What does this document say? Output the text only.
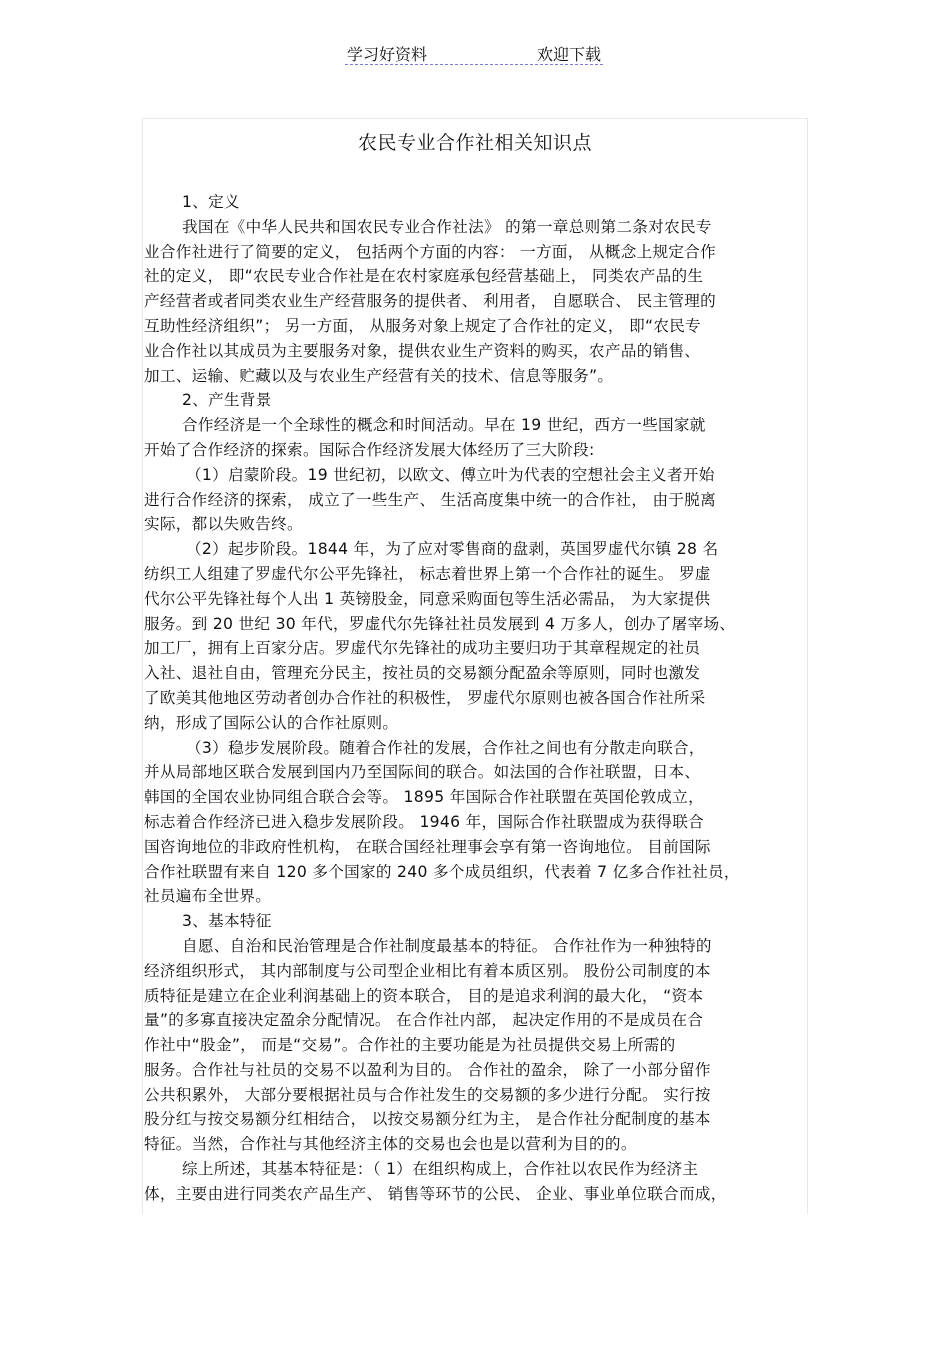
学习好资料	欢迎下载
农民专业合作社相关知识点
1、定义
我国在《中华人民共和国农民专业合作社法》 的第一章总则第二条对农民专
业合作社进行了简要的定义， 包括两个方面的内容： 一方面， 从概念上规定合作
社的定义， 即“农民专业合作社是在农村家庭承包经营基础上， 同类农产品的生
产经营者或者同类农业生产经营服务的提供者、 利用者， 自愿联合、 民主管理的
互助性经济组织”； 另一方面， 从服务对象上规定了合作社的定义， 即“农民专
业合作社以其成员为主要服务对象，提供农业生产资料的购买，农产品的销售、
加工、运输、贮藏以及与农业生产经营有关的技术、信息等服务”。
2、产生背景
合作经济是一个全球性的概念和时间活动。早在 19 世纪，西方一些国家就
开始了合作经济的探索。国际合作经济发展大体经历了三大阶段:
（1）启蒙阶段。19 世纪初，以欧文、傅立叶为代表的空想社会主义者开始
进行合作经济的探索， 成立了一些生产、 生活高度集中统一的合作社， 由于脱离
实际，都以失败告终。
（2）起步阶段。1844 年，为了应对零售商的盘剥，英国罗虚代尔镇 28 名
纺织工人组建了罗虚代尔公平先锋社， 标志着世界上第一个合作社的诞生。 罗虚
代尔公平先锋社每个人出 1 英镑股金，同意采购面包等生活必需品， 为大家提供
服务。到 20 世纪 30 年代，罗虚代尔先锋社社员发展到 4 万多人，创办了屠宰场、
加工厂，拥有上百家分店。罗虚代尔先锋社的成功主要归功于其章程规定的社员
入社、退社自由，管理充分民主，按社员的交易额分配盈余等原则，同时也激发
了欧美其他地区劳动者创办合作社的积极性， 罗虚代尔原则也被各国合作社所采
纳，形成了国际公认的合作社原则。
（3）稳步发展阶段。随着合作社的发展，合作社之间也有分散走向联合，
并从局部地区联合发展到国内乃至国际间的联合。如法国的合作社联盟，日本、
韩国的全国农业协同组合联合会等。 1895 年国际合作社联盟在英国伦敦成立，
标志着合作经济已进入稳步发展阶段。 1946 年，国际合作社联盟成为获得联合
国咨询地位的非政府性机构， 在联合国经社理事会享有第一咨询地位。 目前国际
合作社联盟有来自 120 多个国家的 240 多个成员组织，代表着 7 亿多合作社社员，
社员遍布全世界。
3、基本特征
自愿、自治和民治管理是合作社制度最基本的特征。 合作社作为一种独特的
经济组织形式， 其内部制度与公司型企业相比有着本质区别。 股份公司制度的本
质特征是建立在企业利润基础上的资本联合， 目的是追求利润的最大化， “资本
量”的多寡直接决定盈余分配情况。 在合作社内部， 起决定作用的不是成员在合
作社中“股金”， 而是“交易”。合作社的主要功能是为社员提供交易上所需的
服务。合作社与社员的交易不以盈利为目的。 合作社的盈余， 除了一小部分留作
公共积累外， 大部分要根据社员与合作社发生的交易额的多少进行分配。 实行按
股分红与按交易额分红相结合， 以按交易额分红为主， 是合作社分配制度的基本
特征。当然，合作社与其他经济主体的交易也会也是以营利为目的的。
综上所述，其基本特征是：（ 1）在组织构成上，合作社以农民作为经济主
体，主要由进行同类农产品生产、 销售等环节的公民、 企业、事业单位联合而成，
